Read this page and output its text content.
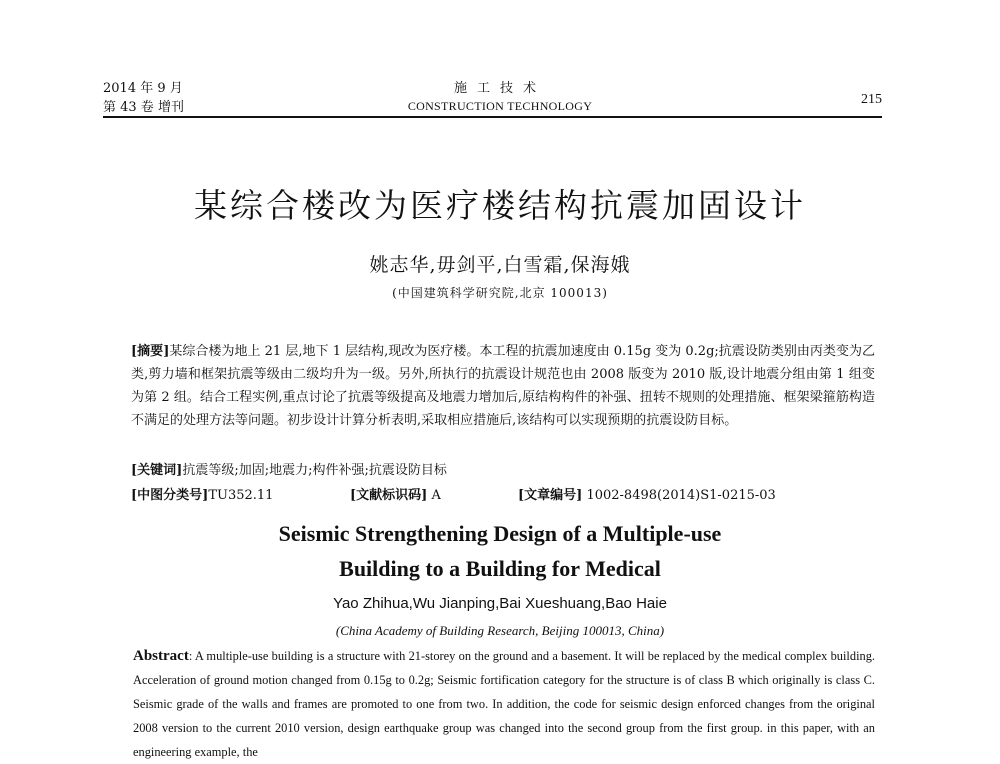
2014 年 9 月
第 43 卷 增刊
施工技术
CONSTRUCTION TECHNOLOGY	215
某综合楼改为医疗楼结构抗震加固设计
姚志华,毋剑平,白雪霜,保海娥
(中国建筑科学研究院,北京 100013)
[摘要]某综合楼为地上 21 层,地下 1 层结构,现改为医疗楼。本工程的抗震加速度由 0.15g 变为 0.2g;抗震设防类别由丙类变为乙类,剪力墙和框架抗震等级由二级均升为一级。另外,所执行的抗震设计规范也由 2008 版变为 2010 版,设计地震分组由第 1 组变为第 2 组。结合工程实例,重点讨论了抗震等级提高及地震力增加后,原结构构件的补强、扭转不规则的处理措施、框架梁箍筋构造不满足的处理方法等问题。初步设计计算分析表明,采取相应措施后,该结构可以实现预期的抗震设防目标。
[关键词]抗震等级;加固;地震力;构件补强;抗震设防目标
[中图分类号]TU352.11	[文献标识码] A	[文章编号] 1002-8498(2014)S1-0215-03
Seismic Strengthening Design of a Multiple-use
Building to a Building for Medical
Yao Zhihua,Wu Jianping,Bai Xueshuang,Bao Haie
(China Academy of Building Research, Beijing 100013, China)
Abstract: A multiple-use building is a structure with 21-storey on the ground and a basement. It will be replaced by the medical complex building. Acceleration of ground motion changed from 0.15g to 0.2g; Seismic fortification category for the structure is of class B which originally is class C. Seismic grade of the walls and frames are promoted to one from two. In addition, the code for seismic design enforced changes from the original 2008 version to the current 2010 version, design earthquake group was changed into the second group from the first group. in this paper, with an engineering example, the
